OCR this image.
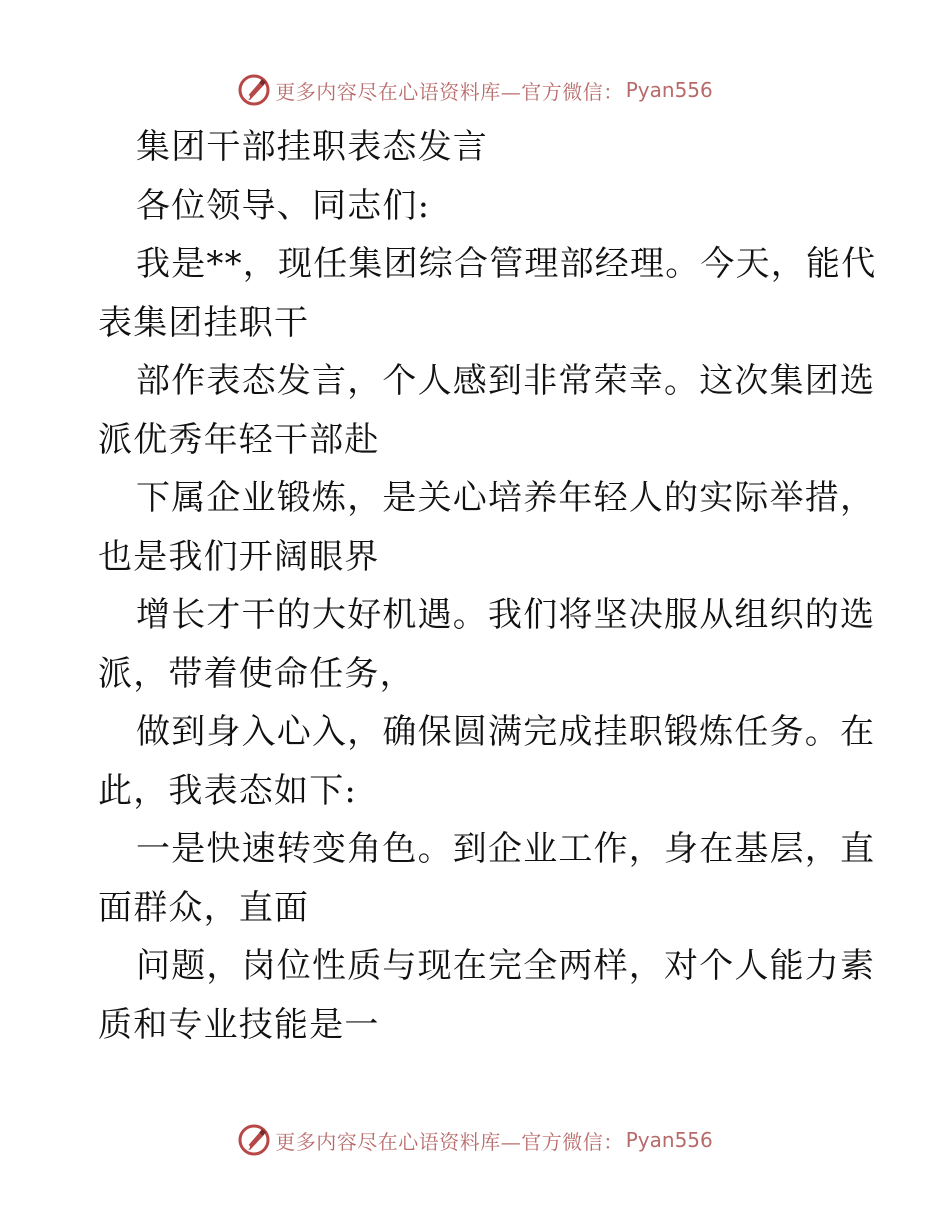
更多内容尽在心语资料库—官方微信： Pyan556
集团干部挂职表态发言
各位领导、同志们:
我是**，现任集团综合管理部经理。今天，能代
表集团挂职干
部作表态发言，个人感到非常荣幸。这次集团选
派优秀年轻干部赴
下属企业锻炼，是关心培养年轻人的实际举措，
也是我们开阔眼界
增长才干的大好机遇。我们将坚决服从组织的选
派，带着使命任务，
做到身入心入，确保圆满完成挂职锻炼任务。在
此，我表态如下:
一是快速转变角色。到企业工作，身在基层，直
面群众，直面
问题，岗位性质与现在完全两样，对个人能力素
质和专业技能是一
更多内容尽在心语资料库—官方微信： Pyan556
